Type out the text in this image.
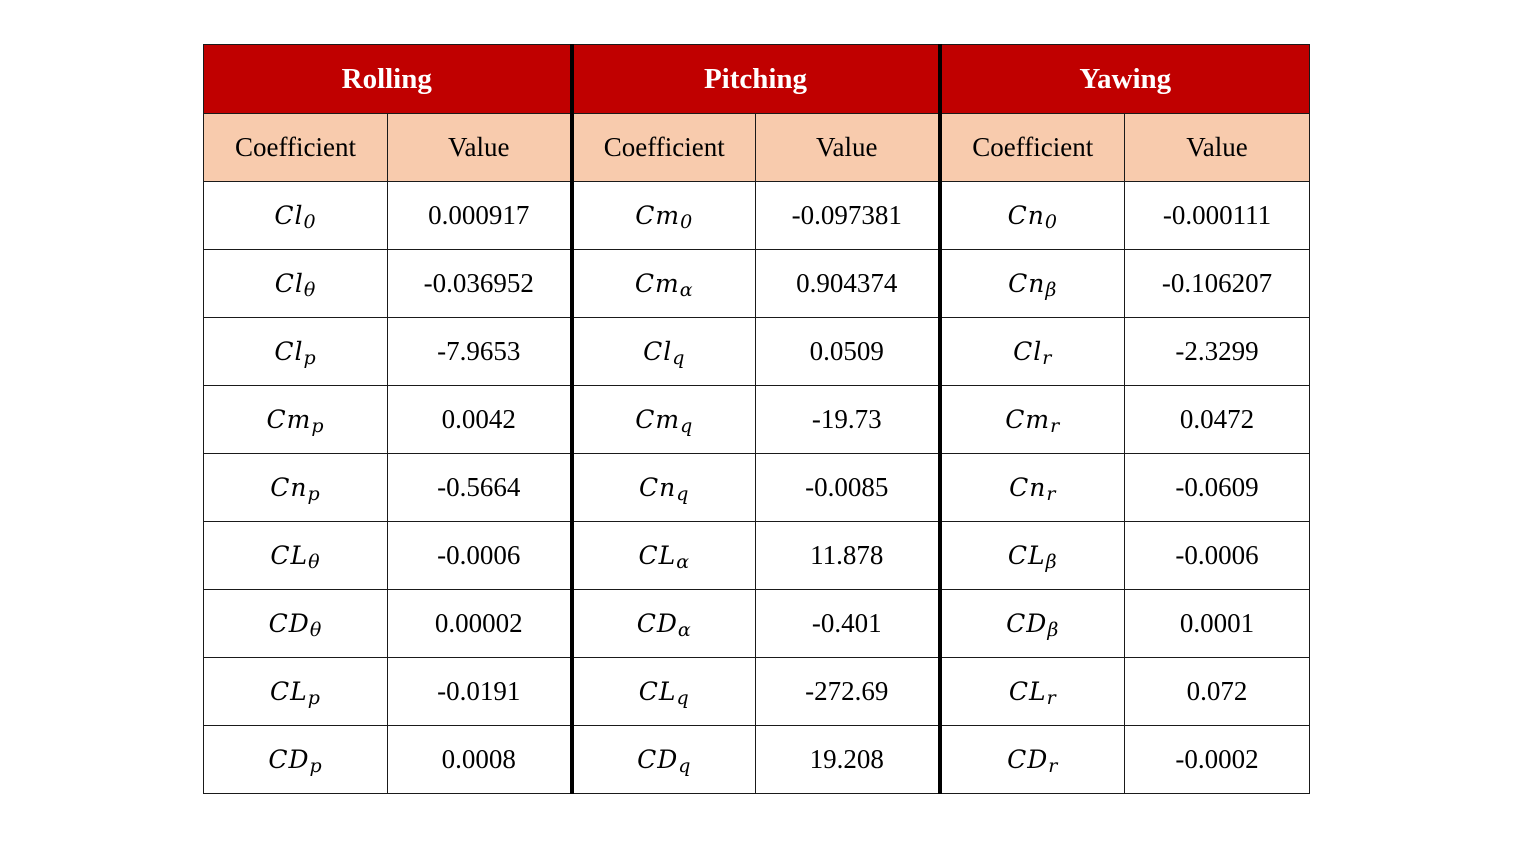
Rolling		Pitching		Yawing	
Coefficient	Value	Coefficient	Value	Coefficient	Value
$Cl_0$	0.000917	$Cm_0$	-0.097381	$Cn_0$	-0.000111
$Cl_\theta$	-0.036952	$Cm_\alpha$	0.904374	$Cn_\beta$	-0.106207
$Cl_p$	-7.9653	$Cl_q$	0.0509	$Cl_r$	-2.3299
$Cm_p$	0.0042	$Cm_q$	-19.73	$Cm_r$	0.0472
$Cn_p$	-0.5664	$Cn_q$	-0.0085	$Cn_r$	-0.0609
$CL_\theta$	-0.0006	$CL_\alpha$	11.878	$CL_\beta$	-0.0006
$CD_\theta$	0.00002	$CD_\alpha$	-0.401	$CD_\beta$	0.0001
$CL_p$	-0.0191	$CL_q$	-272.69	$CL_r$	0.072
$CD_p$	0.0008	$CD_q$	19.208	$CD_r$	-0.0002
